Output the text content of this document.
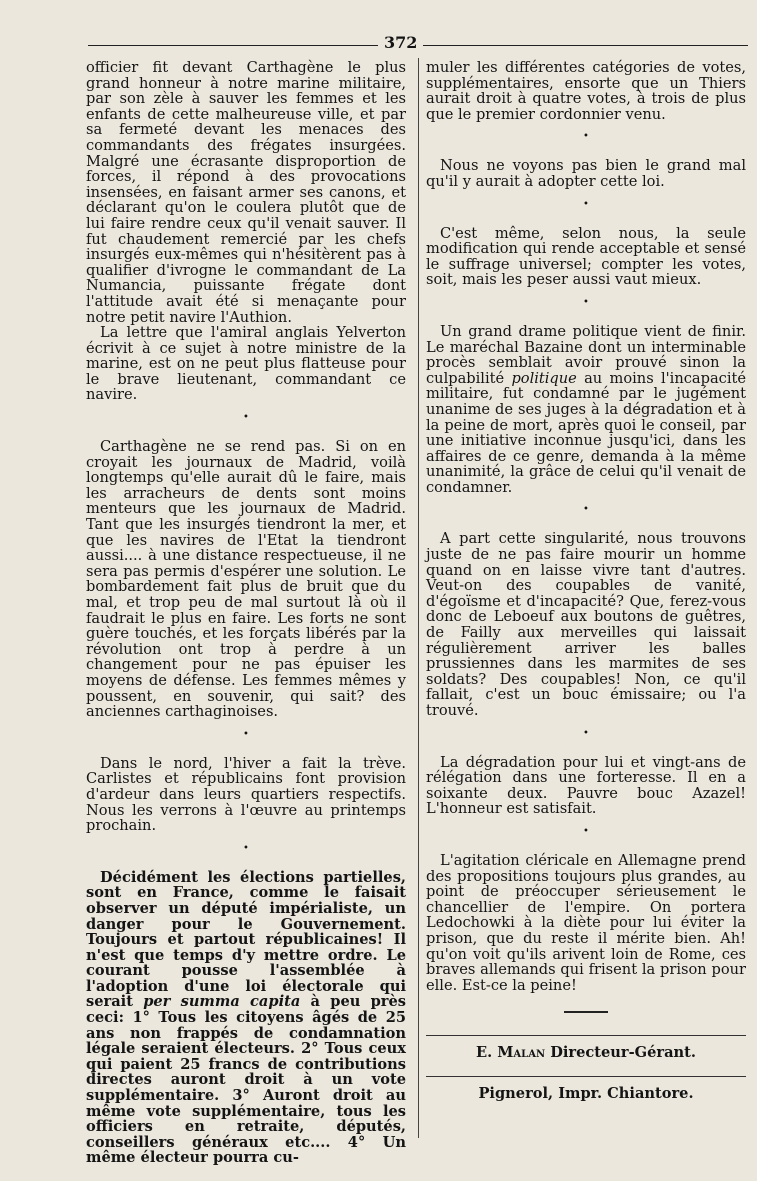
372

officier fit devant Carthagène le plus grand honneur à notre marine militaire, par son zèle à sauver les femmes et les enfants de cette malheureuse ville, et par sa fermeté devant les menaces des commandants des frégates insurgées. Malgré une écrasante disproportion de forces, il répond à des provocations insensées, en faisant armer ses canons, et déclarant qu'on le coulera plutôt que de lui faire rendre ceux qu'il venait sauver. Il fut chaudement remercié par les chefs insurgés eux-mêmes qui n'hésitèrent pas à qualifier d'ivrogne le commandant de La Numancia, puissante frégate dont l'attitude avait été si menaçante pour notre petit navire l'Authion.

La lettre que l'amiral anglais Yelverton écrivit à ce sujet à notre ministre de la marine, est on ne peut plus flatteuse pour le brave lieutenant, commandant ce navire.

•

Carthagène ne se rend pas. Si on en croyait les journaux de Madrid, voilà longtemps qu'elle aurait dû le faire, mais les arracheurs de dents sont moins menteurs que les journaux de Madrid. Tant que les insurgés tiendront la mer, et que les navires de l'Etat la tiendront aussi.... à une distance respectueuse, il ne sera pas permis d'espérer une solution. Le bombardement fait plus de bruit que du mal, et trop peu de mal surtout là où il faudrait le plus en faire. Les forts ne sont guère touchés, et les forçats libérés par la révolution ont trop à perdre à un changement pour ne pas épuiser les moyens de défense. Les femmes mêmes y poussent, en souvenir, qui sait? des anciennes carthaginoises.

•

Dans le nord, l'hiver a fait la trève. Carlistes et républicains font provision d'ardeur dans leurs quartiers respectifs. Nous les verrons à l'œuvre au printemps prochain.

•

Décidément les élections partielles, sont en France, comme le faisait observer un député impérialiste, un danger pour le Gouvernement. Toujours et partout républicaines! Il n'est que temps d'y mettre ordre. Le courant pousse l'assemblée à l'adoption d'une loi électorale qui serait per summa capita à peu près ceci: 1° Tous les citoyens âgés de 25 ans non frappés de condamnation légale seraient électeurs. 2° Tous ceux qui paient 25 francs de contributions directes auront droit à un vote supplémentaire. 3° Auront droit au même vote supplémentaire, tous les officiers en retraite, députés, conseillers généraux etc.... 4° Un même électeur pourra cu-

muler les différentes catégories de votes, supplémentaires, ensorte que un Thiers aurait droit à quatre votes, à trois de plus que le premier cordonnier venu.

•

Nous ne voyons pas bien le grand mal qu'il y aurait à adopter cette loi.

•

C'est même, selon nous, la seule modification qui rende acceptable et sensé le suffrage universel; compter les votes, soit, mais les peser aussi vaut mieux.

•

Un grand drame politique vient de finir. Le maréchal Bazaine dont un interminable procès semblait avoir prouvé sinon la culpabilité politique au moins l'incapacité militaire, fut condamné par le jugément unanime de ses juges à la dégradation et à la peine de mort, après quoi le conseil, par une initiative inconnue jusqu'ici, dans les affaires de ce genre, demanda à la même unanimité, la grâce de celui qu'il venait de condamner.

•

A part cette singularité, nous trouvons juste de ne pas faire mourir un homme quand on en laisse vivre tant d'autres. Veut-on des coupables de vanité, d'égoïsme et d'incapacité? Que, ferez-vous donc de Leboeuf aux boutons de guêtres, de Failly aux merveilles qui laissait régulièrement arriver les balles prussiennes dans les marmites de ses soldats? Des coupables! Non, ce qu'il fallait, c'est un bouc émissaire; ou l'a trouvé.

•

La dégradation pour lui et vingt-ans de rélégation dans une forteresse. Il en a soixante deux. Pauvre bouc Azazel! L'honneur est satisfait.

•

L'agitation cléricale en Allemagne prend des propositions toujours plus grandes, au point de préoccuper sérieusement le chancellier de l'empire. On portera Ledochowki à la diète pour lui éviter la prison, que du reste il mérite bien. Ah! qu'on voit qu'ils arivent loin de Rome, ces braves allemands qui frisent la prison pour elle. Est-ce la peine!

E. Malan Directeur-Gérant.
Pignerol, Impr. Chiantore.
